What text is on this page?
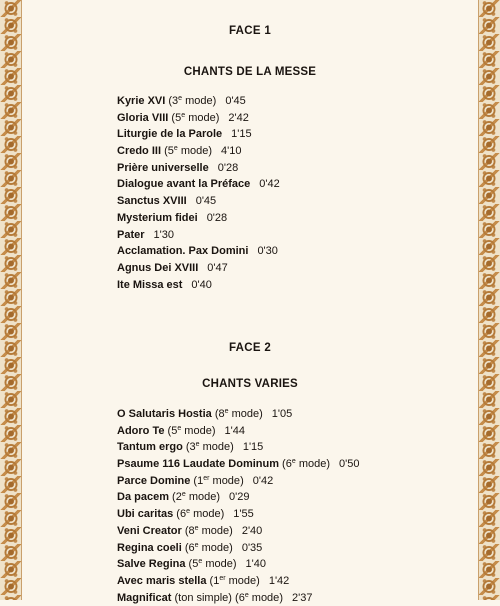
FACE 1
CHANTS DE LA MESSE
Kyrie XVI (3e mode) 0'45
Gloria VIII (5e mode) 2'42
Liturgie de la Parole 1'15
Credo III (5e mode) 4'10
Prière universelle 0'28
Dialogue avant la Préface 0'42
Sanctus XVIII 0'45
Mysterium fidei 0'28
Pater 1'30
Acclamation. Pax Domini 0'30
Agnus Dei XVIII 0'47
Ite Missa est 0'40
FACE 2
CHANTS VARIES
O Salutaris Hostia (8e mode) 1'05
Adoro Te (5e mode) 1'44
Tantum ergo (3e mode) 1'15
Psaume 116 Laudate Dominum (6e mode) 0'50
Parce Domine (1er mode) 0'42
Da pacem (2e mode) 0'29
Ubi caritas (6e mode) 1'55
Veni Creator (8e mode) 2'40
Regina coeli (6e mode) 0'35
Salve Regina (5e mode) 1'40
Avec maris stella (1er mode) 1'42
Magnificat (ton simple) (6e mode) 2'37
